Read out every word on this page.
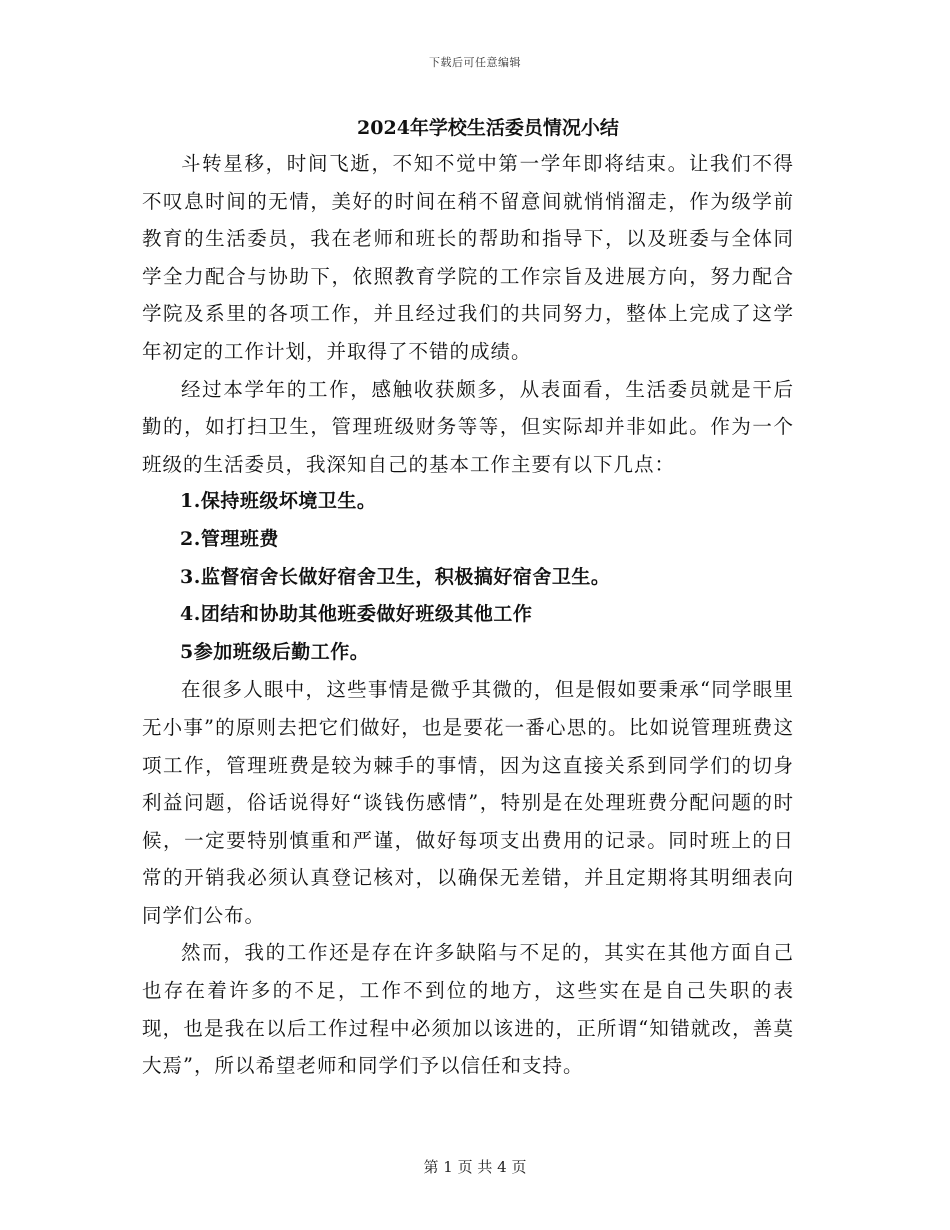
下载后可任意编辑
2024年学校生活委员情况小结

斗转星移，时间飞逝，不知不觉中第一学年即将结束。让我们不得不叹息时间的无情，美好的时间在稍不留意间就悄悄溜走，作为级学前教育的生活委员，我在老师和班长的帮助和指导下，以及班委与全体同学全力配合与协助下，依照教育学院的工作宗旨及进展方向，努力配合学院及系里的各项工作，并且经过我们的共同努力，整体上完成了这学年初定的工作计划，并取得了不错的成绩。

经过本学年的工作，感触收获颇多，从表面看，生活委员就是干后勤的，如打扫卫生，管理班级财务等等，但实际却并非如此。作为一个班级的生活委员，我深知自己的基本工作主要有以下几点：

1.保持班级坏境卫生。

2.管理班费

3.监督宿舍长做好宿舍卫生，积极搞好宿舍卫生。

4.团结和协助其他班委做好班级其他工作

5参加班级后勤工作。

在很多人眼中，这些事情是微乎其微的，但是假如要秉承“同学眼里无小事”的原则去把它们做好，也是要花一番心思的。比如说管理班费这项工作，管理班费是较为棘手的事情，因为这直接关系到同学们的切身利益问题，俗话说得好“谈钱伤感情”，特别是在处理班费分配问题的时候，一定要特别慎重和严谨，做好每项支出费用的记录。同时班上的日常的开销我必须认真登记核对，以确保无差错，并且定期将其明细表向同学们公布。

然而，我的工作还是存在许多缺陷与不足的，其实在其他方面自己也存在着许多的不足，工作不到位的地方，这些实在是自己失职的表现，也是我在以后工作过程中必须加以该进的，正所谓“知错就改，善莫大焉”，所以希望老师和同学们予以信任和支持。

第 1 页 共 4 页
